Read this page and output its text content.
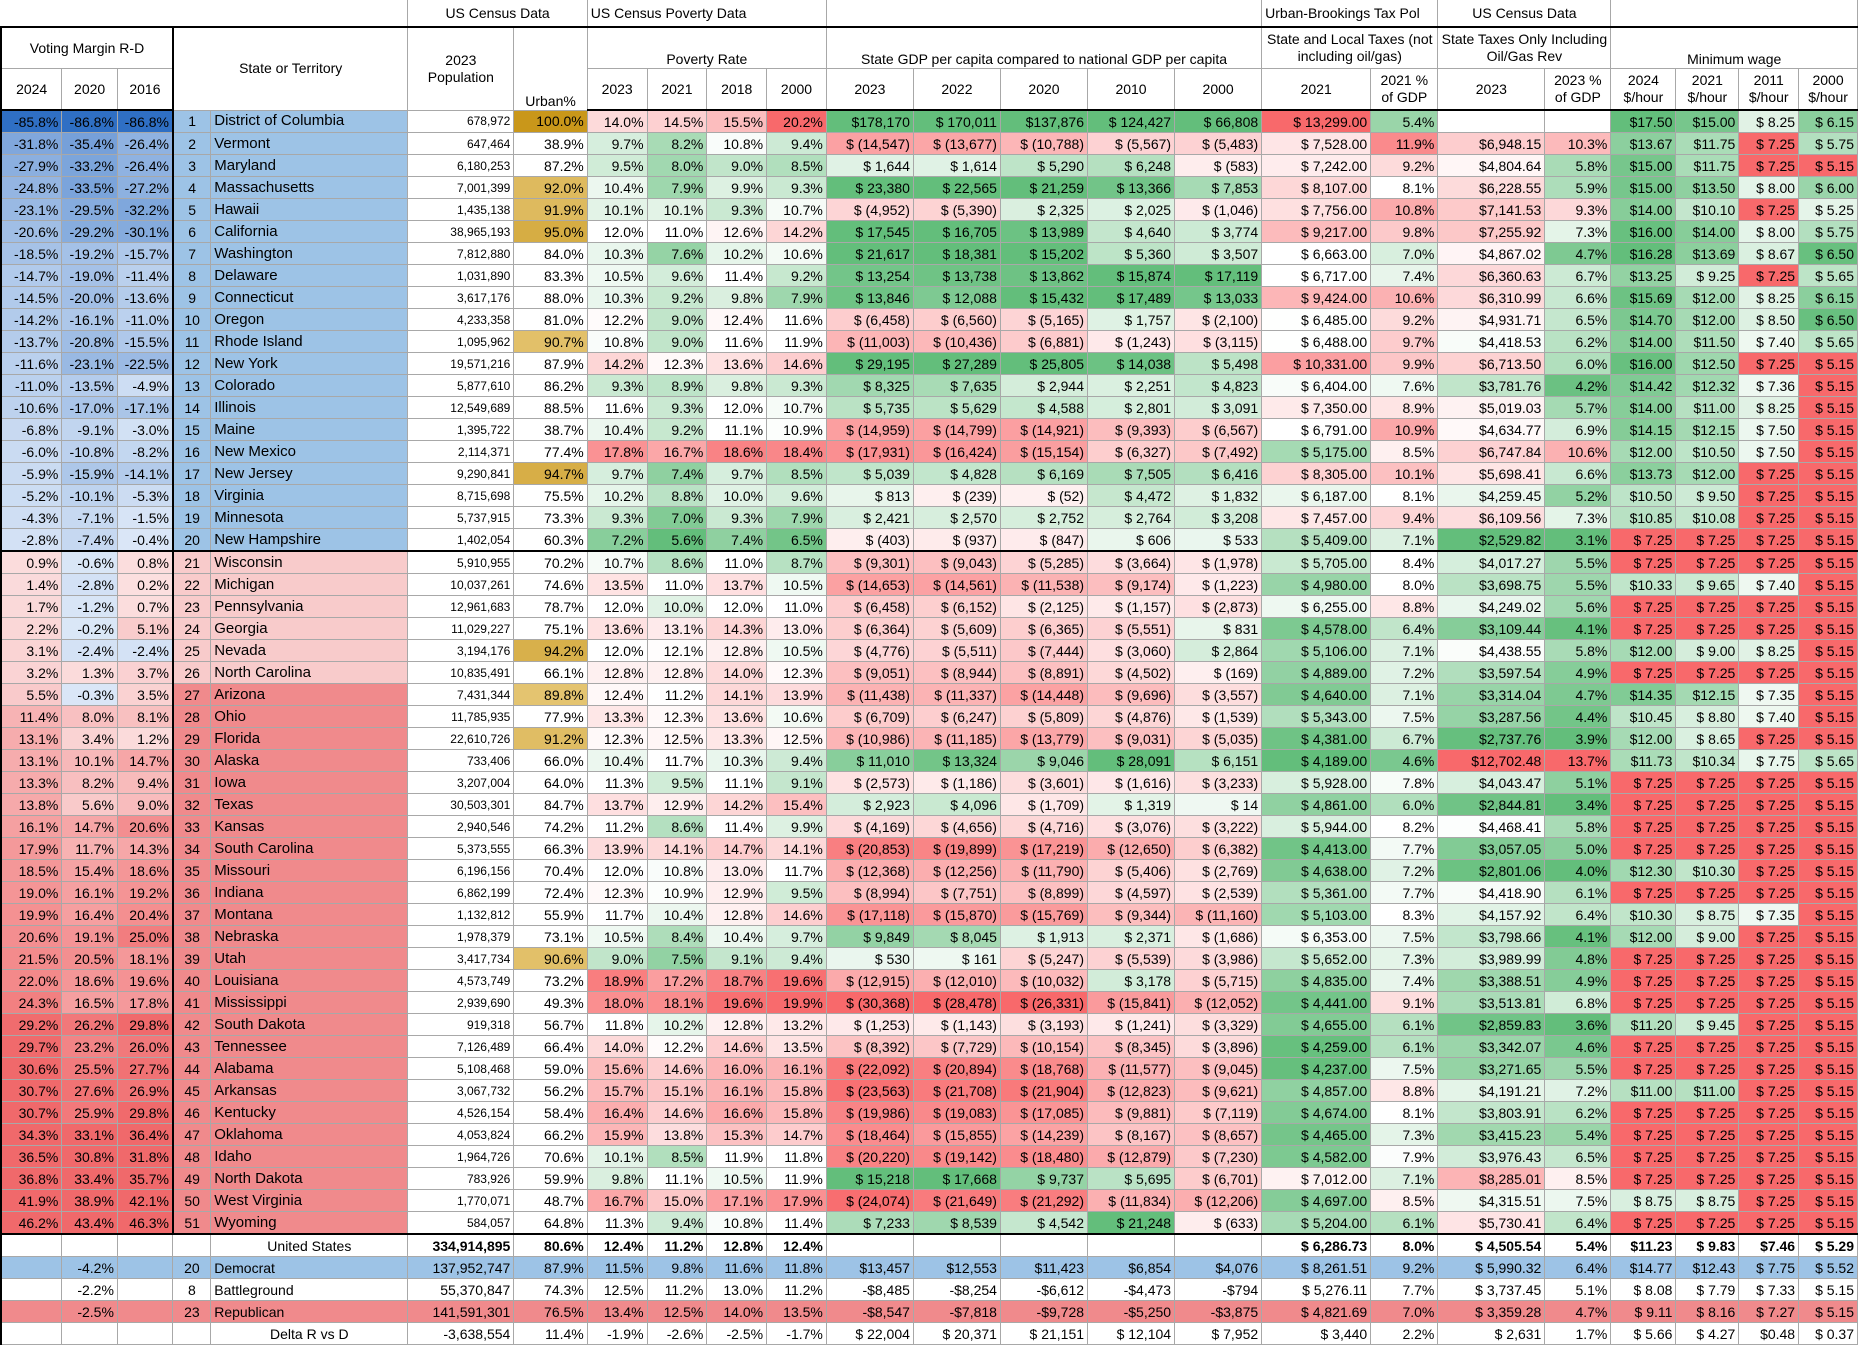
					US Census Data		US Census Poverty Data									Urban-Brookings Tax Pol		US Census Data					
Voting Margin R-D			State or Territory		2023 Population	Urban%	Poverty Rate				State GDP per capita compared to national GDP per capita					State and Local Taxes (not including oil/gas)		State Taxes Only Including Oil/Gas Rev		Minimum wage			
2024	2020	2016					2023	2021	2018	2000	2023	2022	2020	2010	2000	2021	2021 % of GDP	2023	2023 % of GDP	2024 $/hour	2021 $/hour	2011 $/hour	2000 $/hour
-85.8%	-86.8%	-86.8%	1	District of Columbia	678,972	100.0%	14.0%	14.5%	15.5%	20.2%	$178,170	$ 170,011	$137,876	$ 124,427	$ 66,808	$ 13,299.00	5.4%			$17.50	$15.00	$ 8.25	$ 6.15
-31.8%	-35.4%	-26.4%	2	Vermont	647,464	38.9%	9.7%	8.2%	10.8%	9.4%	$ (14,547)	$ (13,677)	$ (10,788)	$ (5,567)	$ (5,483)	$ 7,528.00	11.9%	$6,948.15	10.3%	$13.67	$11.75	$ 7.25	$ 5.75
-27.9%	-33.2%	-26.4%	3	Maryland	6,180,253	87.2%	9.5%	8.0%	9.0%	8.5%	$ 1,644	$ 1,614	$ 5,290	$ 6,248	$ (583)	$ 7,242.00	9.2%	$4,804.64	5.8%	$15.00	$11.75	$ 7.25	$ 5.15
-24.8%	-33.5%	-27.2%	4	Massachusetts	7,001,399	92.0%	10.4%	7.9%	9.9%	9.3%	$ 23,380	$ 22,565	$ 21,259	$ 13,366	$ 7,853	$ 8,107.00	8.1%	$6,228.55	5.9%	$15.00	$13.50	$ 8.00	$ 6.00
-23.1%	-29.5%	-32.2%	5	Hawaii	1,435,138	91.9%	10.1%	10.1%	9.3%	10.7%	$ (4,952)	$ (5,390)	$ 2,325	$ 2,025	$ (1,046)	$ 7,756.00	10.8%	$7,141.53	9.3%	$14.00	$10.10	$ 7.25	$ 5.25
-20.6%	-29.2%	-30.1%	6	California	38,965,193	95.0%	12.0%	11.0%	12.6%	14.2%	$ 17,545	$ 16,705	$ 13,989	$ 4,640	$ 3,774	$ 9,217.00	9.8%	$7,255.92	7.3%	$16.00	$14.00	$ 8.00	$ 5.75
-18.5%	-19.2%	-15.7%	7	Washington	7,812,880	84.0%	10.3%	7.6%	10.2%	10.6%	$ 21,617	$ 18,381	$ 15,202	$ 5,360	$ 3,507	$ 6,663.00	7.0%	$4,867.02	4.7%	$16.28	$13.69	$ 8.67	$ 6.50
-14.7%	-19.0%	-11.4%	8	Delaware	1,031,890	83.3%	10.5%	9.6%	11.4%	9.2%	$ 13,254	$ 13,738	$ 13,862	$ 15,874	$ 17,119	$ 6,717.00	7.4%	$6,360.63	6.7%	$13.25	$ 9.25	$ 7.25	$ 5.65
-14.5%	-20.0%	-13.6%	9	Connecticut	3,617,176	88.0%	10.3%	9.2%	9.8%	7.9%	$ 13,846	$ 12,088	$ 15,432	$ 17,489	$ 13,033	$ 9,424.00	10.6%	$6,310.99	6.6%	$15.69	$12.00	$ 8.25	$ 6.15
-14.2%	-16.1%	-11.0%	10	Oregon	4,233,358	81.0%	12.2%	9.0%	12.4%	11.6%	$ (6,458)	$ (6,560)	$ (5,165)	$ 1,757	$ (2,100)	$ 6,485.00	9.2%	$4,931.71	6.5%	$14.70	$12.00	$ 8.50	$ 6.50
-13.7%	-20.8%	-15.5%	11	Rhode Island	1,095,962	90.7%	10.8%	9.0%	11.6%	11.9%	$ (11,003)	$ (10,436)	$ (6,881)	$ (1,243)	$ (3,115)	$ 6,488.00	9.7%	$4,418.53	6.2%	$14.00	$11.50	$ 7.40	$ 5.65
-11.6%	-23.1%	-22.5%	12	New York	19,571,216	87.9%	14.2%	12.3%	13.6%	14.6%	$ 29,195	$ 27,289	$ 25,805	$ 14,038	$ 5,498	$ 10,331.00	9.9%	$6,713.50	6.0%	$16.00	$12.50	$ 7.25	$ 5.15
-11.0%	-13.5%	-4.9%	13	Colorado	5,877,610	86.2%	9.3%	8.9%	9.8%	9.3%	$ 8,325	$ 7,635	$ 2,944	$ 2,251	$ 4,823	$ 6,404.00	7.6%	$3,781.76	4.2%	$14.42	$12.32	$ 7.36	$ 5.15
-10.6%	-17.0%	-17.1%	14	Illinois	12,549,689	88.5%	11.6%	9.3%	12.0%	10.7%	$ 5,735	$ 5,629	$ 4,588	$ 2,801	$ 3,091	$ 7,350.00	8.9%	$5,019.03	5.7%	$14.00	$11.00	$ 8.25	$ 5.15
-6.8%	-9.1%	-3.0%	15	Maine	1,395,722	38.7%	10.4%	9.2%	11.1%	10.9%	$ (14,959)	$ (14,799)	$ (14,921)	$ (9,393)	$ (6,567)	$ 6,791.00	10.9%	$4,634.77	6.9%	$14.15	$12.15	$ 7.50	$ 5.15
-6.0%	-10.8%	-8.2%	16	New Mexico	2,114,371	77.4%	17.8%	16.7%	18.6%	18.4%	$ (17,931)	$ (16,424)	$ (15,154)	$ (6,327)	$ (7,492)	$ 5,175.00	8.5%	$6,747.84	10.6%	$12.00	$10.50	$ 7.50	$ 5.15
-5.9%	-15.9%	-14.1%	17	New Jersey	9,290,841	94.7%	9.7%	7.4%	9.7%	8.5%	$ 5,039	$ 4,828	$ 6,169	$ 7,505	$ 6,416	$ 8,305.00	10.1%	$5,698.41	6.6%	$13.73	$12.00	$ 7.25	$ 5.15
-5.2%	-10.1%	-5.3%	18	Virginia	8,715,698	75.5%	10.2%	8.8%	10.0%	9.6%	$ 813	$ (239)	$ (52)	$ 4,472	$ 1,832	$ 6,187.00	8.1%	$4,259.45	5.2%	$10.50	$ 9.50	$ 7.25	$ 5.15
-4.3%	-7.1%	-1.5%	19	Minnesota	5,737,915	73.3%	9.3%	7.0%	9.3%	7.9%	$ 2,421	$ 2,570	$ 2,752	$ 2,764	$ 3,208	$ 7,457.00	9.4%	$6,109.56	7.3%	$10.85	$10.08	$ 7.25	$ 5.15
-2.8%	-7.4%	-0.4%	20	New Hampshire	1,402,054	60.3%	7.2%	5.6%	7.4%	6.5%	$ (403)	$ (937)	$ (847)	$ 606	$ 533	$ 5,409.00	7.1%	$2,529.82	3.1%	$ 7.25	$ 7.25	$ 7.25	$ 5.15
0.9%	-0.6%	0.8%	21	Wisconsin	5,910,955	70.2%	10.7%	8.6%	11.0%	8.7%	$ (9,301)	$ (9,043)	$ (5,285)	$ (3,664)	$ (1,978)	$ 5,705.00	8.4%	$4,017.27	5.5%	$ 7.25	$ 7.25	$ 7.25	$ 5.15
1.4%	-2.8%	0.2%	22	Michigan	10,037,261	74.6%	13.5%	11.0%	13.7%	10.5%	$ (14,653)	$ (14,561)	$ (11,538)	$ (9,174)	$ (1,223)	$ 4,980.00	8.0%	$3,698.75	5.5%	$10.33	$ 9.65	$ 7.40	$ 5.15
1.7%	-1.2%	0.7%	23	Pennsylvania	12,961,683	78.7%	12.0%	10.0%	12.0%	11.0%	$ (6,458)	$ (6,152)	$ (2,125)	$ (1,157)	$ (2,873)	$ 6,255.00	8.8%	$4,249.02	5.6%	$ 7.25	$ 7.25	$ 7.25	$ 5.15
2.2%	-0.2%	5.1%	24	Georgia	11,029,227	75.1%	13.6%	13.1%	14.3%	13.0%	$ (6,364)	$ (5,609)	$ (6,365)	$ (5,551)	$ 831	$ 4,578.00	6.4%	$3,109.44	4.1%	$ 7.25	$ 7.25	$ 7.25	$ 5.15
3.1%	-2.4%	-2.4%	25	Nevada	3,194,176	94.2%	12.0%	12.1%	12.8%	10.5%	$ (4,776)	$ (5,511)	$ (7,444)	$ (3,060)	$ 2,864	$ 5,106.00	7.1%	$4,438.55	5.8%	$12.00	$ 9.00	$ 8.25	$ 5.15
3.2%	1.3%	3.7%	26	North Carolina	10,835,491	66.1%	12.8%	12.8%	14.0%	12.3%	$ (9,051)	$ (8,944)	$ (8,891)	$ (4,502)	$ (169)	$ 4,889.00	7.2%	$3,597.54	4.9%	$ 7.25	$ 7.25	$ 7.25	$ 5.15
5.5%	-0.3%	3.5%	27	Arizona	7,431,344	89.8%	12.4%	11.2%	14.1%	13.9%	$ (11,438)	$ (11,337)	$ (14,448)	$ (9,696)	$ (3,557)	$ 4,640.00	7.1%	$3,314.04	4.7%	$14.35	$12.15	$ 7.35	$ 5.15
11.4%	8.0%	8.1%	28	Ohio	11,785,935	77.9%	13.3%	12.3%	13.6%	10.6%	$ (6,709)	$ (6,247)	$ (5,809)	$ (4,876)	$ (1,539)	$ 5,343.00	7.5%	$3,287.56	4.4%	$10.45	$ 8.80	$ 7.40	$ 5.15
13.1%	3.4%	1.2%	29	Florida	22,610,726	91.2%	12.3%	12.5%	13.3%	12.5%	$ (10,986)	$ (11,185)	$ (13,779)	$ (9,031)	$ (5,035)	$ 4,381.00	6.7%	$2,737.76	3.9%	$12.00	$ 8.65	$ 7.25	$ 5.15
13.1%	10.1%	14.7%	30	Alaska	733,406	66.0%	10.4%	11.7%	10.3%	9.4%	$ 11,010	$ 13,324	$ 9,046	$ 28,091	$ 6,151	$ 4,189.00	4.6%	$12,702.48	13.7%	$11.73	$10.34	$ 7.75	$ 5.65
13.3%	8.2%	9.4%	31	Iowa	3,207,004	64.0%	11.3%	9.5%	11.1%	9.1%	$ (2,573)	$ (1,186)	$ (3,601)	$ (1,616)	$ (3,233)	$ 5,928.00	7.8%	$4,043.47	5.1%	$ 7.25	$ 7.25	$ 7.25	$ 5.15
13.8%	5.6%	9.0%	32	Texas	30,503,301	84.7%	13.7%	12.9%	14.2%	15.4%	$ 2,923	$ 4,096	$ (1,709)	$ 1,319	$ 14	$ 4,861.00	6.0%	$2,844.81	3.4%	$ 7.25	$ 7.25	$ 7.25	$ 5.15
16.1%	14.7%	20.6%	33	Kansas	2,940,546	74.2%	11.2%	8.6%	11.4%	9.9%	$ (4,169)	$ (4,656)	$ (4,716)	$ (3,076)	$ (3,222)	$ 5,944.00	8.2%	$4,468.41	5.8%	$ 7.25	$ 7.25	$ 7.25	$ 5.15
17.9%	11.7%	14.3%	34	South Carolina	5,373,555	66.3%	13.9%	14.1%	14.7%	14.1%	$ (20,853)	$ (19,899)	$ (17,219)	$ (12,650)	$ (6,382)	$ 4,413.00	7.7%	$3,057.05	5.0%	$ 7.25	$ 7.25	$ 7.25	$ 5.15
18.5%	15.4%	18.6%	35	Missouri	6,196,156	70.4%	12.0%	10.8%	13.0%	11.7%	$ (12,368)	$ (12,256)	$ (11,790)	$ (5,406)	$ (2,769)	$ 4,638.00	7.2%	$2,801.06	4.0%	$12.30	$10.30	$ 7.25	$ 5.15
19.0%	16.1%	19.2%	36	Indiana	6,862,199	72.4%	12.3%	10.9%	12.9%	9.5%	$ (8,994)	$ (7,751)	$ (8,899)	$ (4,597)	$ (2,539)	$ 5,361.00	7.7%	$4,418.90	6.1%	$ 7.25	$ 7.25	$ 7.25	$ 5.15
19.9%	16.4%	20.4%	37	Montana	1,132,812	55.9%	11.7%	10.4%	12.8%	14.6%	$ (17,118)	$ (15,870)	$ (15,769)	$ (9,344)	$ (11,160)	$ 5,103.00	8.3%	$4,157.92	6.4%	$10.30	$ 8.75	$ 7.35	$ 5.15
20.6%	19.1%	25.0%	38	Nebraska	1,978,379	73.1%	10.5%	8.4%	10.4%	9.7%	$ 9,849	$ 8,045	$ 1,913	$ 2,371	$ (1,686)	$ 6,353.00	7.5%	$3,798.66	4.1%	$12.00	$ 9.00	$ 7.25	$ 5.15
21.5%	20.5%	18.1%	39	Utah	3,417,734	90.6%	9.0%	7.5%	9.1%	9.4%	$ 530	$ 161	$ (5,247)	$ (5,539)	$ (3,986)	$ 5,652.00	7.3%	$3,989.99	4.8%	$ 7.25	$ 7.25	$ 7.25	$ 5.15
22.0%	18.6%	19.6%	40	Louisiana	4,573,749	73.2%	18.9%	17.2%	18.7%	19.6%	$ (12,915)	$ (12,010)	$ (10,032)	$ 3,178	$ (5,715)	$ 4,835.00	7.4%	$3,388.51	4.9%	$ 7.25	$ 7.25	$ 7.25	$ 5.15
24.3%	16.5%	17.8%	41	Mississippi	2,939,690	49.3%	18.0%	18.1%	19.6%	19.9%	$ (30,368)	$ (28,478)	$ (26,331)	$ (15,841)	$ (12,052)	$ 4,441.00	9.1%	$3,513.81	6.8%	$ 7.25	$ 7.25	$ 7.25	$ 5.15
29.2%	26.2%	29.8%	42	South Dakota	919,318	56.7%	11.8%	10.2%	12.8%	13.2%	$ (1,253)	$ (1,143)	$ (3,193)	$ (1,241)	$ (3,329)	$ 4,655.00	6.1%	$2,859.83	3.6%	$11.20	$ 9.45	$ 7.25	$ 5.15
29.7%	23.2%	26.0%	43	Tennessee	7,126,489	66.4%	14.0%	12.2%	14.6%	13.5%	$ (8,392)	$ (7,729)	$ (10,154)	$ (8,345)	$ (3,896)	$ 4,259.00	6.1%	$3,342.07	4.6%	$ 7.25	$ 7.25	$ 7.25	$ 5.15
30.6%	25.5%	27.7%	44	Alabama	5,108,468	59.0%	15.6%	14.6%	16.0%	16.1%	$ (22,092)	$ (20,894)	$ (18,768)	$ (11,577)	$ (9,045)	$ 4,237.00	7.5%	$3,271.65	5.5%	$ 7.25	$ 7.25	$ 7.25	$ 5.15
30.7%	27.6%	26.9%	45	Arkansas	3,067,732	56.2%	15.7%	15.1%	16.1%	15.8%	$ (23,563)	$ (21,708)	$ (21,904)	$ (12,823)	$ (9,621)	$ 4,857.00	8.8%	$4,191.21	7.2%	$11.00	$11.00	$ 7.25	$ 5.15
30.7%	25.9%	29.8%	46	Kentucky	4,526,154	58.4%	16.4%	14.6%	16.6%	15.8%	$ (19,986)	$ (19,083)	$ (17,085)	$ (9,881)	$ (7,119)	$ 4,674.00	8.1%	$3,803.91	6.2%	$ 7.25	$ 7.25	$ 7.25	$ 5.15
34.3%	33.1%	36.4%	47	Oklahoma	4,053,824	66.2%	15.9%	13.8%	15.3%	14.7%	$ (18,464)	$ (15,855)	$ (14,239)	$ (8,167)	$ (8,657)	$ 4,465.00	7.3%	$3,415.23	5.4%	$ 7.25	$ 7.25	$ 7.25	$ 5.15
36.5%	30.8%	31.8%	48	Idaho	1,964,726	70.6%	10.1%	8.5%	11.9%	11.8%	$ (20,220)	$ (19,142)	$ (18,480)	$ (12,879)	$ (7,230)	$ 4,582.00	7.9%	$3,976.43	6.5%	$ 7.25	$ 7.25	$ 7.25	$ 5.15
36.8%	33.4%	35.7%	49	North Dakota	783,926	59.9%	9.8%	11.1%	10.5%	11.9%	$ 15,218	$ 17,668	$ 9,737	$ 5,695	$ (6,701)	$ 7,012.00	7.1%	$8,285.01	8.5%	$ 7.25	$ 7.25	$ 7.25	$ 5.15
41.9%	38.9%	42.1%	50	West Virginia	1,770,071	48.7%	16.7%	15.0%	17.1%	17.9%	$ (24,074)	$ (21,649)	$ (21,292)	$ (11,834)	$ (12,206)	$ 4,697.00	8.5%	$4,315.51	7.5%	$ 8.75	$ 8.75	$ 7.25	$ 5.15
46.2%	43.4%	46.3%	51	Wyoming	584,057	64.8%	11.3%	9.4%	10.8%	11.4%	$ 7,233	$ 8,539	$ 4,542	$ 21,248	$ (633)	$ 5,204.00	6.1%	$5,730.41	6.4%	$ 7.25	$ 7.25	$ 7.25	$ 5.15
				United States	334,914,895	80.6%	12.4%	11.2%	12.8%	12.4%						$ 6,286.73	8.0%	$ 4,505.54	5.4%	$11.23	$ 9.83	$7.46	$ 5.29
	-4.2%		20	Democrat	137,952,747	87.9%	11.5%	9.8%	11.6%	11.8%	$13,457	$12,553	$11,423	$6,854	$4,076	$ 8,261.51	9.2%	$ 5,990.32	6.4%	$14.77	$12.43	$ 7.75	$ 5.52
	-2.2%		8	Battleground	55,370,847	74.3%	12.5%	11.2%	13.0%	11.2%	-$8,485	-$8,254	-$6,612	-$4,473	-$794	$ 5,276.11	7.7%	$ 3,737.45	5.1%	$ 8.08	$ 7.79	$ 7.33	$ 5.15
	-2.5%		23	Republican	141,591,301	76.5%	13.4%	12.5%	14.0%	13.5%	-$8,547	-$7,818	-$9,728	-$5,250	-$3,875	$ 4,821.69	7.0%	$ 3,359.28	4.7%	$ 9.11	$ 8.16	$ 7.27	$ 5.15
				Delta R vs D	-3,638,554	11.4%	-1.9%	-2.6%	-2.5%	-1.7%	$ 22,004	$ 20,371	$ 21,151	$ 12,104	$ 7,952	$ 3,440	2.2%	$ 2,631	1.7%	$ 5.66	$ 4.27	$0.48	$ 0.37
